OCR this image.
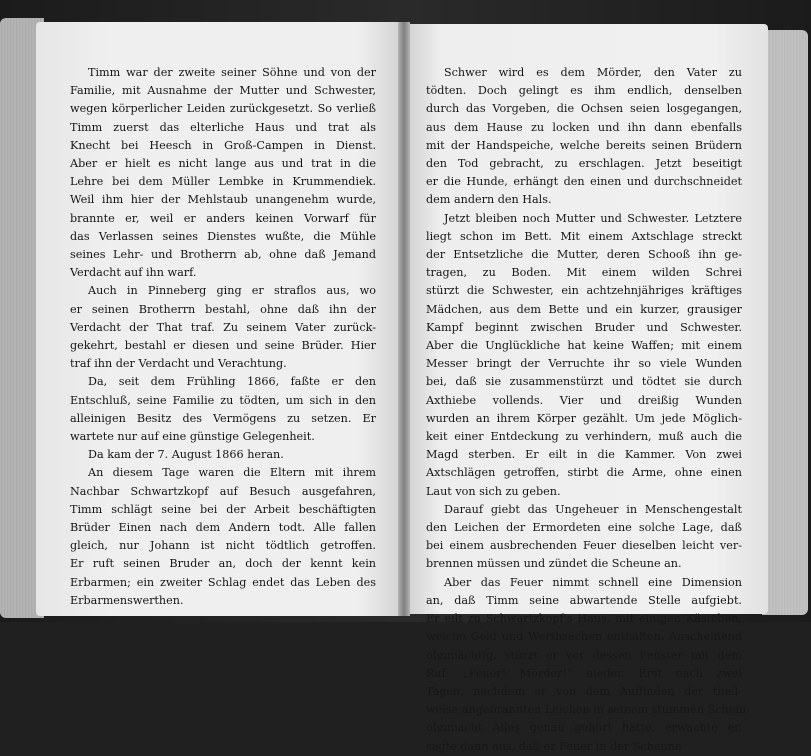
Timm war der zweite seiner Söhne und von der
Familie, mit Ausnahme der Mutter und Schwester,
wegen körperlicher Leiden zurückgesetzt. So verließ
Timm zuerst das elterliche Haus und trat als
Knecht bei Heesch in Groß-Campen in Dienst.
Aber er hielt es nicht lange aus und trat in die
Lehre bei dem Müller Lembke in Krummendiek.
Weil ihm hier der Mehlstaub unangenehm wurde,
brannte er, weil er anders keinen Vorwarf für
das Verlassen seines Dienstes wußte, die Mühle
seines Lehr- und Brotherrn ab, ohne daß Jemand
Verdacht auf ihn warf.
Auch in Pinneberg ging er straflos aus, wo
er seinen Brotherrn bestahl, ohne daß ihn der
Verdacht der That traf. Zu seinem Vater zurück-
gekehrt, bestahl er diesen und seine Brüder. Hier
traf ihn der Verdacht und Verachtung.
Da, seit dem Frühling 1866, faßte er den
Entschluß, seine Familie zu tödten, um sich in den
alleinigen Besitz des Vermögens zu setzen. Er
wartete nur auf eine günstige Gelegenheit.
Da kam der 7. August 1866 heran.
An diesem Tage waren die Eltern mit ihrem
Nachbar Schwartzkopf auf Besuch ausgefahren,
Timm schlägt seine bei der Arbeit beschäftigten
Brüder Einen nach dem Andern todt. Alle fallen
gleich, nur Johann ist nicht tödtlich getroffen.
Er ruft seinen Bruder an, doch der kennt kein
Erbarmen; ein zweiter Schlag endet das Leben des
Erbarmenswerthen.
Schwer wird es dem Mörder, den Vater zu
tödten. Doch gelingt es ihm endlich, denselben
durch das Vorgeben, die Ochsen seien losgegangen,
aus dem Hause zu locken und ihn dann ebenfalls
mit der Handspeiche, welche bereits seinen Brüdern
den Tod gebracht, zu erschlagen. Jetzt beseitigt
er die Hunde, erhängt den einen und durchschneidet
dem andern den Hals.
Jetzt bleiben noch Mutter und Schwester. Letztere
liegt schon im Bett. Mit einem Axtschlage streckt
der Entsetzliche die Mutter, deren Schooß ihn ge-
tragen, zu Boden. Mit einem wilden Schrei
stürzt die Schwester, ein achtzehnjähriges kräftiges
Mädchen, aus dem Bette und ein kurzer, grausiger
Kampf beginnt zwischen Bruder und Schwester.
Aber die Unglückliche hat keine Waffen; mit einem
Messer bringt der Verruchte ihr so viele Wunden
bei, daß sie zusammenstürzt und tödtet sie durch
Axthiebe vollends. Vier und dreißig Wunden
wurden an ihrem Körper gezählt. Um jede Möglich-
keit einer Entdeckung zu verhindern, muß auch die
Magd sterben. Er eilt in die Kammer. Von zwei
Axtschlägen getroffen, stirbt die Arme, ohne einen
Laut von sich zu geben.
Darauf giebt das Ungeheuer in Menschengestalt
den Leichen der Ermordeten eine solche Lage, daß
bei einem ausbrechenden Feuer dieselben leicht ver-
brennen müssen und zündet die Scheune an.
Aber das Feuer nimmt schnell eine Dimension
an, daß Timm seine abwartende Stelle aufgiebt.
Er eilt zu Schwartzkopf's Haus, mit einigen Kästchen,
welche Geld und Werthsachen enthalten. Anscheinend
ohnmächtig, stürzt er vor dessen Fenster mit dem
Ruf: „Feuer! Mörder!“ nieder. Erst nach zwei
Tagen, nachdem er von dem Auffinden der theil-
weise angebrannten Leichen in seinem stummen Schein-
ohnmacht Alles genau gehört hatte, erwachte er,
sagte dann aus, daß er Feuer in der Scheune
